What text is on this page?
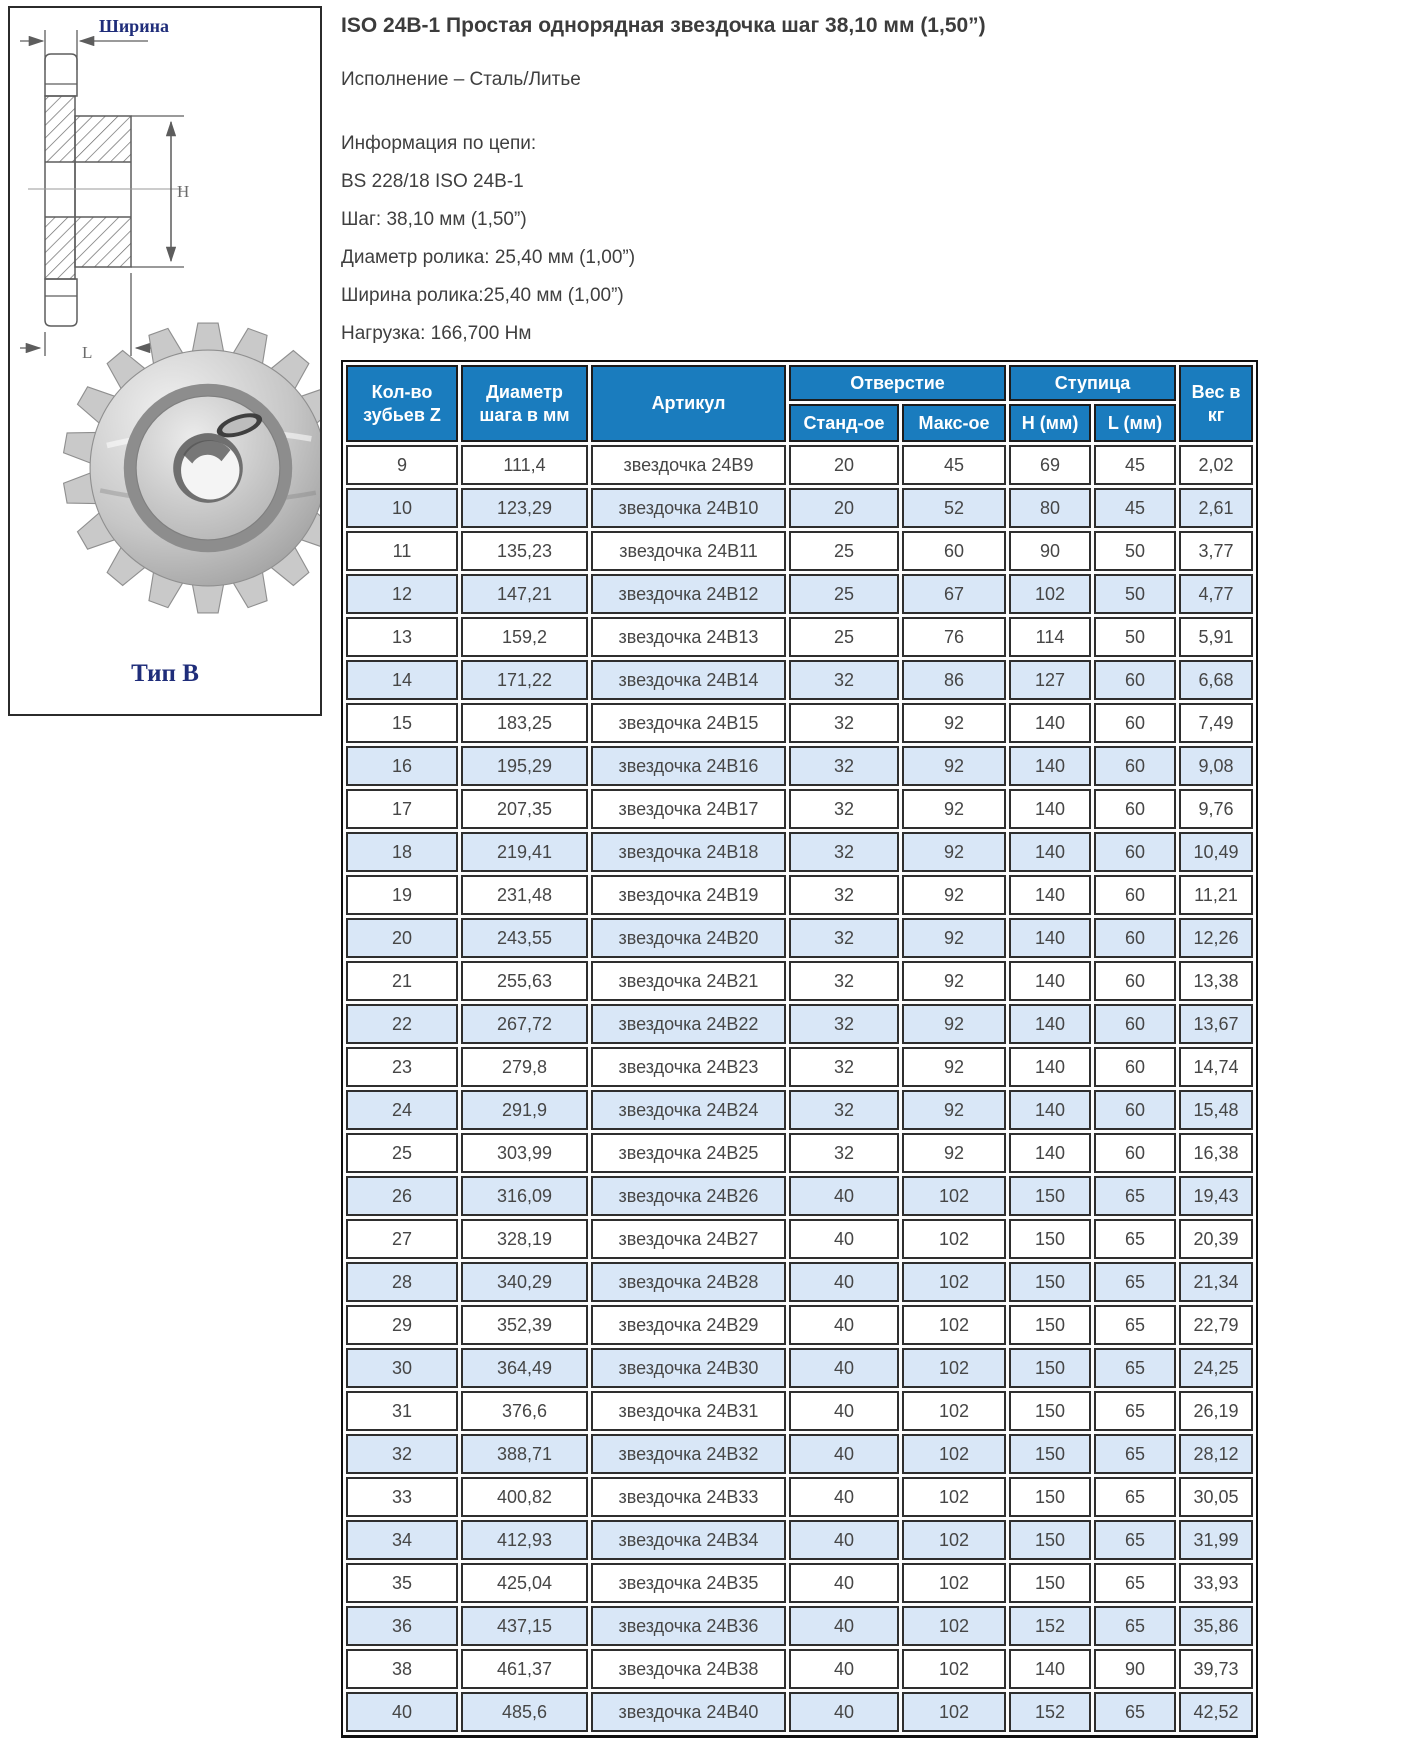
Ширина
H
L
Тип B
ISO 24B-1 Простая однорядная звездочка шаг 38,10 мм (1,50”)
Исполнение – Сталь/Литье
Информация по цепи:
BS 228/18 ISO 24B-1
Шаг: 38,10 мм (1,50”)
Диаметр ролика: 25,40 мм (1,00”)
Ширина ролика:25,40 мм (1,00”)
Нагрузка: 166,700 Нм
Кол-во зубьев Z	Диаметр шага в мм	Артикул	Отверстие		Ступица		Вес в кг
			Станд-ое	Макс-ое	H (мм)	L (мм)	
9	111,4	звездочка 24B9	20	45	69	45	2,02
10	123,29	звездочка 24B10	20	52	80	45	2,61
11	135,23	звездочка 24B11	25	60	90	50	3,77
12	147,21	звездочка 24B12	25	67	102	50	4,77
13	159,2	звездочка 24B13	25	76	114	50	5,91
14	171,22	звездочка 24B14	32	86	127	60	6,68
15	183,25	звездочка 24B15	32	92	140	60	7,49
16	195,29	звездочка 24B16	32	92	140	60	9,08
17	207,35	звездочка 24B17	32	92	140	60	9,76
18	219,41	звездочка 24B18	32	92	140	60	10,49
19	231,48	звездочка 24B19	32	92	140	60	11,21
20	243,55	звездочка 24B20	32	92	140	60	12,26
21	255,63	звездочка 24B21	32	92	140	60	13,38
22	267,72	звездочка 24B22	32	92	140	60	13,67
23	279,8	звездочка 24B23	32	92	140	60	14,74
24	291,9	звездочка 24B24	32	92	140	60	15,48
25	303,99	звездочка 24B25	32	92	140	60	16,38
26	316,09	звездочка 24B26	40	102	150	65	19,43
27	328,19	звездочка 24B27	40	102	150	65	20,39
28	340,29	звездочка 24B28	40	102	150	65	21,34
29	352,39	звездочка 24B29	40	102	150	65	22,79
30	364,49	звездочка 24B30	40	102	150	65	24,25
31	376,6	звездочка 24B31	40	102	150	65	26,19
32	388,71	звездочка 24B32	40	102	150	65	28,12
33	400,82	звездочка 24B33	40	102	150	65	30,05
34	412,93	звездочка 24B34	40	102	150	65	31,99
35	425,04	звездочка 24B35	40	102	150	65	33,93
36	437,15	звездочка 24B36	40	102	152	65	35,86
38	461,37	звездочка 24B38	40	102	140	90	39,73
40	485,6	звездочка 24B40	40	102	152	65	42,52
